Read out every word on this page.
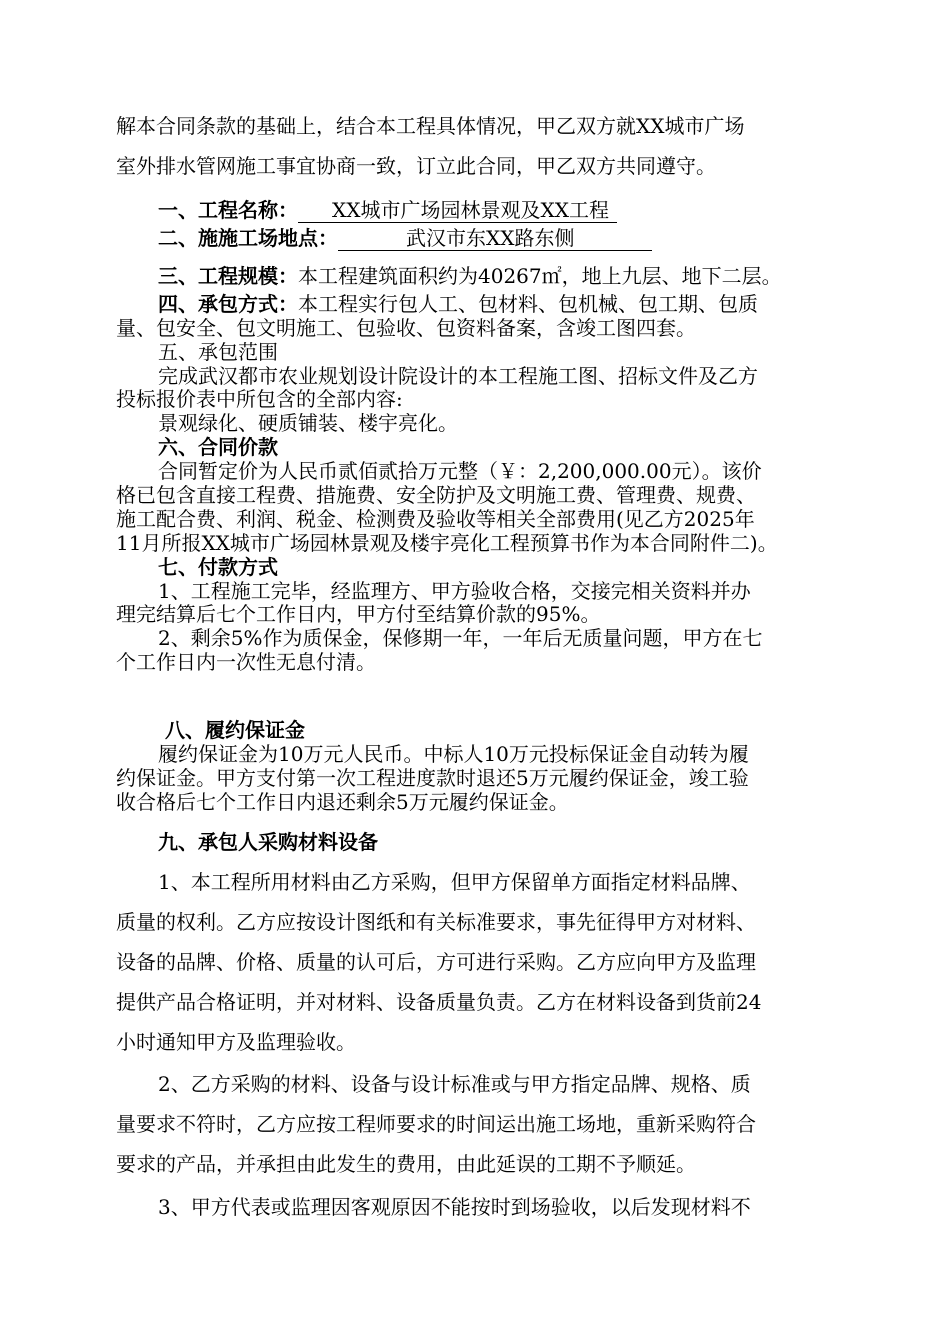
解本合同条款的基础上，结合本工程具体情况，甲乙双方就XX城市广场
室外排水管网施工事宜协商一致，订立此合同，甲乙双方共同遵守。
一、工程名称： XX城市广场园林景观及XX工程
二、施施工场地点：	武汉市东XX路东侧
三、工程规模：本工程建筑面积约为40267㎡，地上九层、地下二层。
四、承包方式：本工程实行包人工、包材料、包机械、包工期、包质
量、包安全、包文明施工、包验收、包资料备案，含竣工图四套。
五、承包范围
完成武汉都市农业规划设计院设计的本工程施工图、招标文件及乙方
投标报价表中所包含的全部内容:
景观绿化、硬质铺装、楼宇亮化。
六、合同价款
合同暂定价为人民币贰佰贰拾万元整（￥：2,200,000.00元）。该价
格已包含直接工程费、措施费、安全防护及文明施工费、管理费、规费、
施工配合费、利润、税金、检测费及验收等相关全部费用(见乙方2025年
11月所报XX城市广场园林景观及楼宇亮化工程预算书作为本合同附件二)。
七、付款方式
1、工程施工完毕，经监理方、甲方验收合格，交接完相关资料并办
理完结算后七个工作日内，甲方付至结算价款的95%。
2、剩余5%作为质保金，保修期一年，一年后无质量问题，甲方在七
个工作日内一次性无息付清。
八、履约保证金
履约保证金为10万元人民币。中标人10万元投标保证金自动转为履
约保证金。甲方支付第一次工程进度款时退还5万元履约保证金，竣工验
收合格后七个工作日内退还剩余5万元履约保证金。
九、承包人采购材料设备
1、本工程所用材料由乙方采购，但甲方保留单方面指定材料品牌、
质量的权利。乙方应按设计图纸和有关标准要求，事先征得甲方对材料、
设备的品牌、价格、质量的认可后，方可进行采购。乙方应向甲方及监理
提供产品合格证明，并对材料、设备质量负责。乙方在材料设备到货前24
小时通知甲方及监理验收。
2、乙方采购的材料、设备与设计标准或与甲方指定品牌、规格、质
量要求不符时，乙方应按工程师要求的时间运出施工场地，重新采购符合
要求的产品，并承担由此发生的费用，由此延误的工期不予顺延。
3、甲方代表或监理因客观原因不能按时到场验收，以后发现材料不
